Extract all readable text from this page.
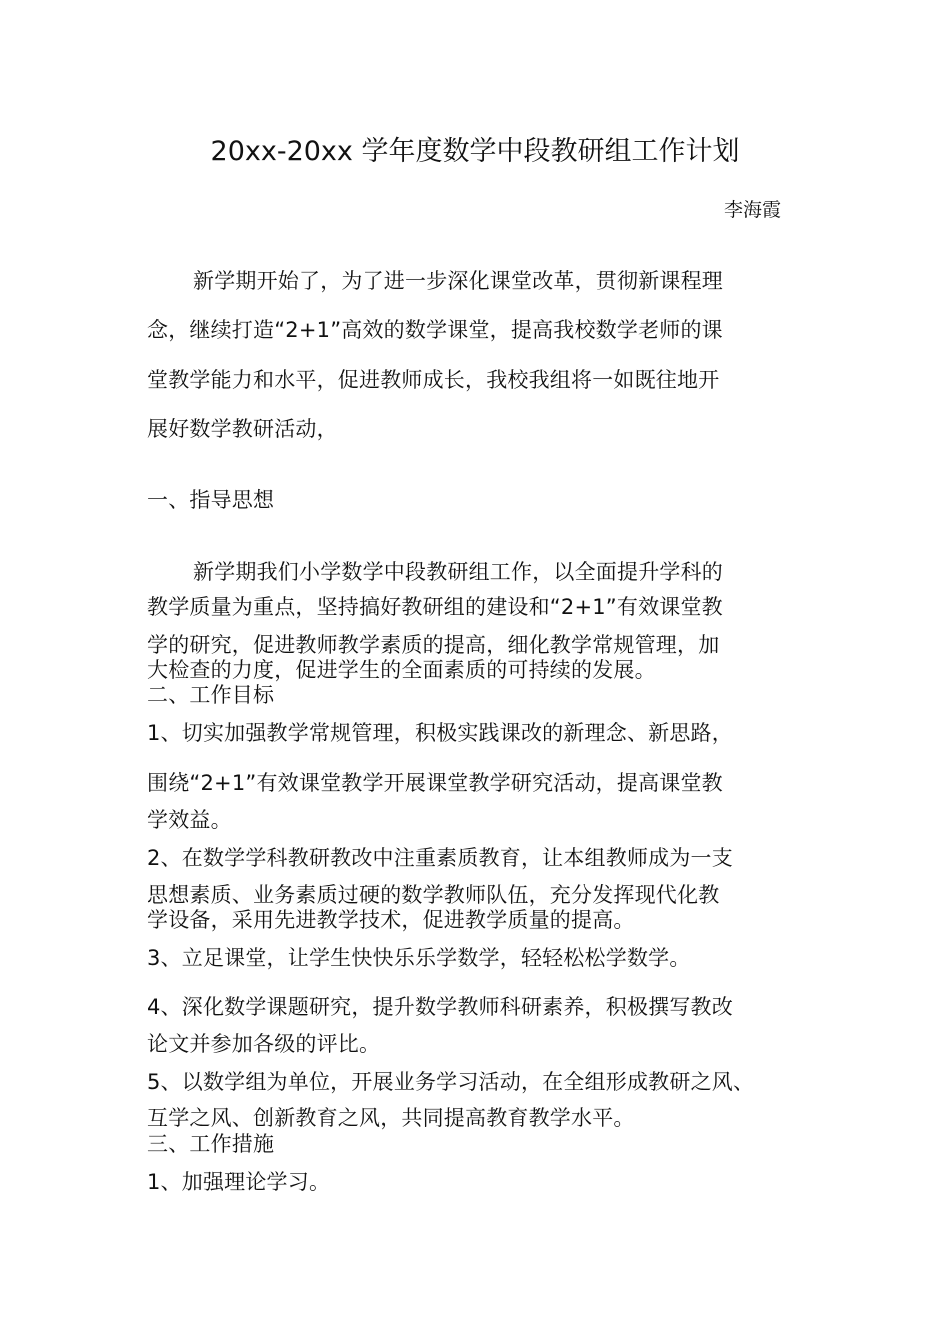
20xx-20xx 学年度数学中段教研组工作计划
李海霞
新学期开始了，为了进一步深化课堂改革，贯彻新课程理
念，继续打造“2+1”高效的数学课堂，提高我校数学老师的课
堂教学能力和水平，促进教师成长，我校我组将一如既往地开
展好数学教研活动，
一、指导思想
新学期我们小学数学中段教研组工作，以全面提升学科的
教学质量为重点，坚持搞好教研组的建设和“2+1”有效课堂教
学的研究，促进教师教学素质的提高，细化教学常规管理，加
大检查的力度，促进学生的全面素质的可持续的发展。
二、工作目标
1、切实加强教学常规管理，积极实践课改的新理念、新思路，
围绕“2+1”有效课堂教学开展课堂教学研究活动，提高课堂教
学效益。
2、在数学学科教研教改中注重素质教育，让本组教师成为一支
思想素质、业务素质过硬的数学教师队伍，充分发挥现代化教
学设备，采用先进教学技术，促进教学质量的提高。
3、立足课堂，让学生快快乐乐学数学，轻轻松松学数学。
4、深化数学课题研究，提升数学教师科研素养，积极撰写教改
论文并参加各级的评比。
5、以数学组为单位，开展业务学习活动，在全组形成教研之风、
互学之风、创新教育之风，共同提高教育教学水平。
三、工作措施
1、加强理论学习。
